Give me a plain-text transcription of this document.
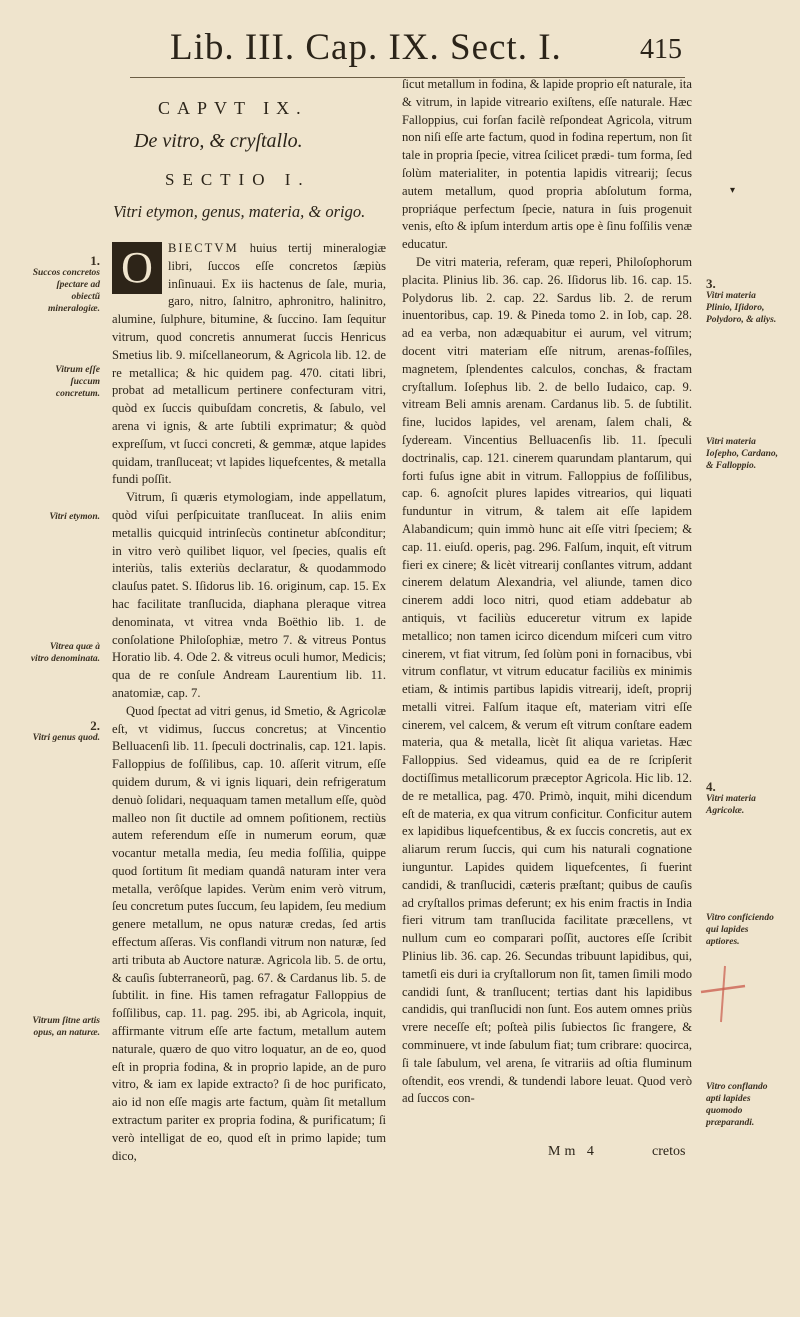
Lib. III. Cap. IX. Sect. I.	415
CAPVT IX.
De vitro, & cryſtallo.
SECTIO I.
Vitri etymon, genus, materia, & origo.

O	BIECTVM huius tertij mineralogiæ libri, ſuccos eſſe concretos ſæpiùs inſinuaui. Ex iis hactenus de ſale, muria, garo, nitro, ſalnitro, aphronitro, halinitro, alumine, ſulphure, bitumine, & ſuccino. Iam ſequitur vitrum, quod concretis annumerat ſuccis Henricus Smetius lib. 9. miſcellaneorum, & Agricola lib. 12. de re metallica; & hic quidem pag. 470. citati libri, probat ad metallicum pertinere confecturam vitri, quòd ex ſuccis quibuſdam concretis, & ſabulo, vel arena vi ignis, & arte ſubtili exprimatur; & quòd expreſſum, vt ſucci concreti, & gemmæ, atque lapides quidam, tranſluceat; vt lapides liquefcentes, & metalla fundi poſſit.

Vitrum, ſi quæris etymologiam, inde appellatum, quòd viſui perſpicuitate tranſluceat. In aliis enim metallis quicquid intrinſecùs continetur abſconditur; in vitro verò quilibet liquor, vel ſpecies, qualis eſt interiùs, talis exteriùs declaratur, & quodammodo clauſus patet. S. Iſidorus lib. 16. originum, cap. 15. Ex hac facilitate tranſlucida, diaphana pleraque vitrea denominata, vt vitrea vnda Boëthio lib. 1. de conſolatione Philoſophiæ, metro 7. & vitreus Pontus Horatio lib. 4. Ode 2. & vitreus oculi humor, Medicis; qua de re conſule Andream Laurentium lib. 11. anatomiæ, cap. 7.

Quod ſpectat ad vitri genus, id Smetio, & Agricolæ eſt, vt vidimus, ſuccus concretus; at Vincentio Belluacenſi lib. 11. ſpeculi doctrinalis, cap. 121. lapis. Falloppius de foſſilibus, cap. 10. aſſerit vitrum, eſſe quidem durum, & vi ignis liquari, dein refrigeratum denuò ſolidari, nequaquam tamen metallum eſſe, quòd malleo non ſit ductile ad omnem poſitionem, rectiùs autem referendum eſſe in numerum eorum, quæ vocantur metalla media, ſeu media foſſilia, quippe quod ſortitum ſit mediam quandâ naturam inter vera metalla, verôſque lapides. Verùm enim verò vitrum, ſeu concretum putes ſuccum, ſeu lapidem, ſeu medium genere metallum, ne opus naturæ credas, ſed artis effectum aſſeras. Vis conflandi vitrum non naturæ, ſed arti tributa ab Auctore naturæ. Agricola lib. 5. de ortu, & cauſis ſubterraneorũ, pag. 67. & Cardanus lib. 5. de ſubtilit. in fine. His tamen refragatur Falloppius de foſſilibus, cap. 11. pag. 295. ibi, ab Agricola, inquit, affirmante vitrum eſſe arte factum, metallum autem naturale, quæro de quo vitro loquatur, an de eo, quod eſt in propria fodina, & in proprio lapide, an de puro vitro, & iam ex lapide extracto? ſi de hoc purificato, aio id non eſſe magis arte factum, quàm ſit metallum extractum pariter ex propria fodina, & purificatum; ſi verò intelligat de eo, quod eſt in primo lapide; tum dico,

ſicut metallum in fodina, & lapide proprio eſt naturale, ita & vitrum, in lapide vitreario exiſtens, eſſe naturale. Hæc Falloppius, cui forſan facilè reſpondeat Agricola, vitrum non niſi eſſe arte factum, quod in fodina repertum, non ſit tale in propria ſpecie, vitrea ſcilicet prædi- tum forma, ſed ſolùm materialiter, in potentia lapidis vitrearij; ſecus autem metallum, quod propria abſolutum forma, propriáque perfectum ſpecie, natura in ſuis progenuit venis, eſto & ipſum interdum artis ope è ſinu foſſilis venæ educatur.

De vitri materia, referam, quæ reperi, Philoſophorum placita. Plinius lib. 36. cap. 26. Iſidorus lib. 16. cap. 15. Polydorus lib. 2. cap. 22. Sardus lib. 2. de rerum inuentoribus, cap. 19. & Pineda tomo 2. in Iob, cap. 28. ad ea verba, non adæquabitur ei aurum, vel vitrum; docent vitri materiam eſſe nitrum, arenas-foſſiles, magnetem, ſplendentes calculos, conchas, & fractam cryſtallum. Ioſephus lib. 2. de bello Iudaico, cap. 9. vitream Beli amnis arenam. Cardanus lib. 5. de ſubtilit. fine, lucidos lapides, vel arenam, ſalem chali, & ſydeream. Vincentius Belluacenſis lib. 11. ſpeculi doctrinalis, cap. 121. cinerem quarundam plantarum, qui forti fuſus igne abit in vitrum. Falloppius de foſſilibus, cap. 6. agnoſcit plures lapides vitrearios, qui liquati funduntur in vitrum, & talem ait eſſe lapidem Alabandicum; quin immò hunc ait eſſe vitri ſpeciem; & cap. 11. eiuſd. operis, pag. 296. Falſum, inquit, eſt vitrum fieri ex cinere; & licèt vitrearij conſlantes vitrum, addant cinerem delatum Alexandria, vel aliunde, tamen dico cinerem addi loco nitri, quod etiam addebatur ab antiquis, vt faciliùs educeretur vitrum ex lapide metallico; non tamen icirco dicendum miſceri cum vitro cinerem, vt fiat vitrum, ſed ſolùm poni in fornacibus, vbi vitrum conflatur, vt vitrum educatur faciliùs ex minimis etiam, & intimis partibus lapidis vitrearij, ideſt, proprij metalli vitrei. Falſum itaque eſt, materiam vitri eſſe cinerem, vel calcem, & verum eſt vitrum conſtare eadem materia, qua & metalla, licèt ſit aliqua varietas. Hæc Falloppius. Sed videamus, quid ea de re ſcripſerit doctiſſimus metallicorum præceptor Agricola. Hic lib. 12. de re metallica, pag. 470. Primò, inquit, mihi dicendum eſt de materia, ex qua vitrum conficitur. Conficitur autem ex lapidibus liquefcentibus, & ex ſuccis concretis, aut ex aliarum rerum ſuccis, qui cum his naturali cognatione iunguntur. Lapides quidem liquefcentes, ſi fuerint candidi, & tranſlucidi, cæteris præſtant; quibus de cauſis ad cryſtallos primas deferunt; ex his enim fractis in India fieri vitrum tam tranſlucida facilitate præcellens, vt nullum cum eo comparari poſſit, auctores eſſe ſcribit Plinius lib. 36. cap. 26. Secundas tribuunt lapidibus, qui, tametſi eis duri ia cryſtallorum non ſit, tamen ſimili modo candidi ſunt, & tranſlucent; tertias dant his lapidibus candidis, qui tranſlucidi non ſunt. Eos autem omnes priùs vrere neceſſe eſt; poſteà pilis ſubiectos ſic frangere, & comminuere, vt inde ſabulum fiat; tum cribrare: quocirca, ſi tale ſabulum, vel arena, ſe vitrariis ad oſtia fluminum oſtendit, eos vrendi, & tundendi labore leuat. Quod verò ad ſuccos con-

1.
Succos concretos ſpectare ad obiectũ mineralogiæ.
Vitrum eſſe ſuccum concretum.
Vitri etymon.
Vitrea quæ à vitro denominata.
2.
Vitri genus quod.
Vitrum ſitne artis opus, an naturæ.
3.
Vitri materia Plinio, Iſidoro, Polydoro, & aliys.
Vitri materia Ioſepho, Cardano, & Falloppio.
4.
Vitri materia Agricolæ.
Vitro conficiendo qui lapides aptiores.
Vitro conflando apti lapides quomodo præparandi.
▾
Mm 4	cretos
